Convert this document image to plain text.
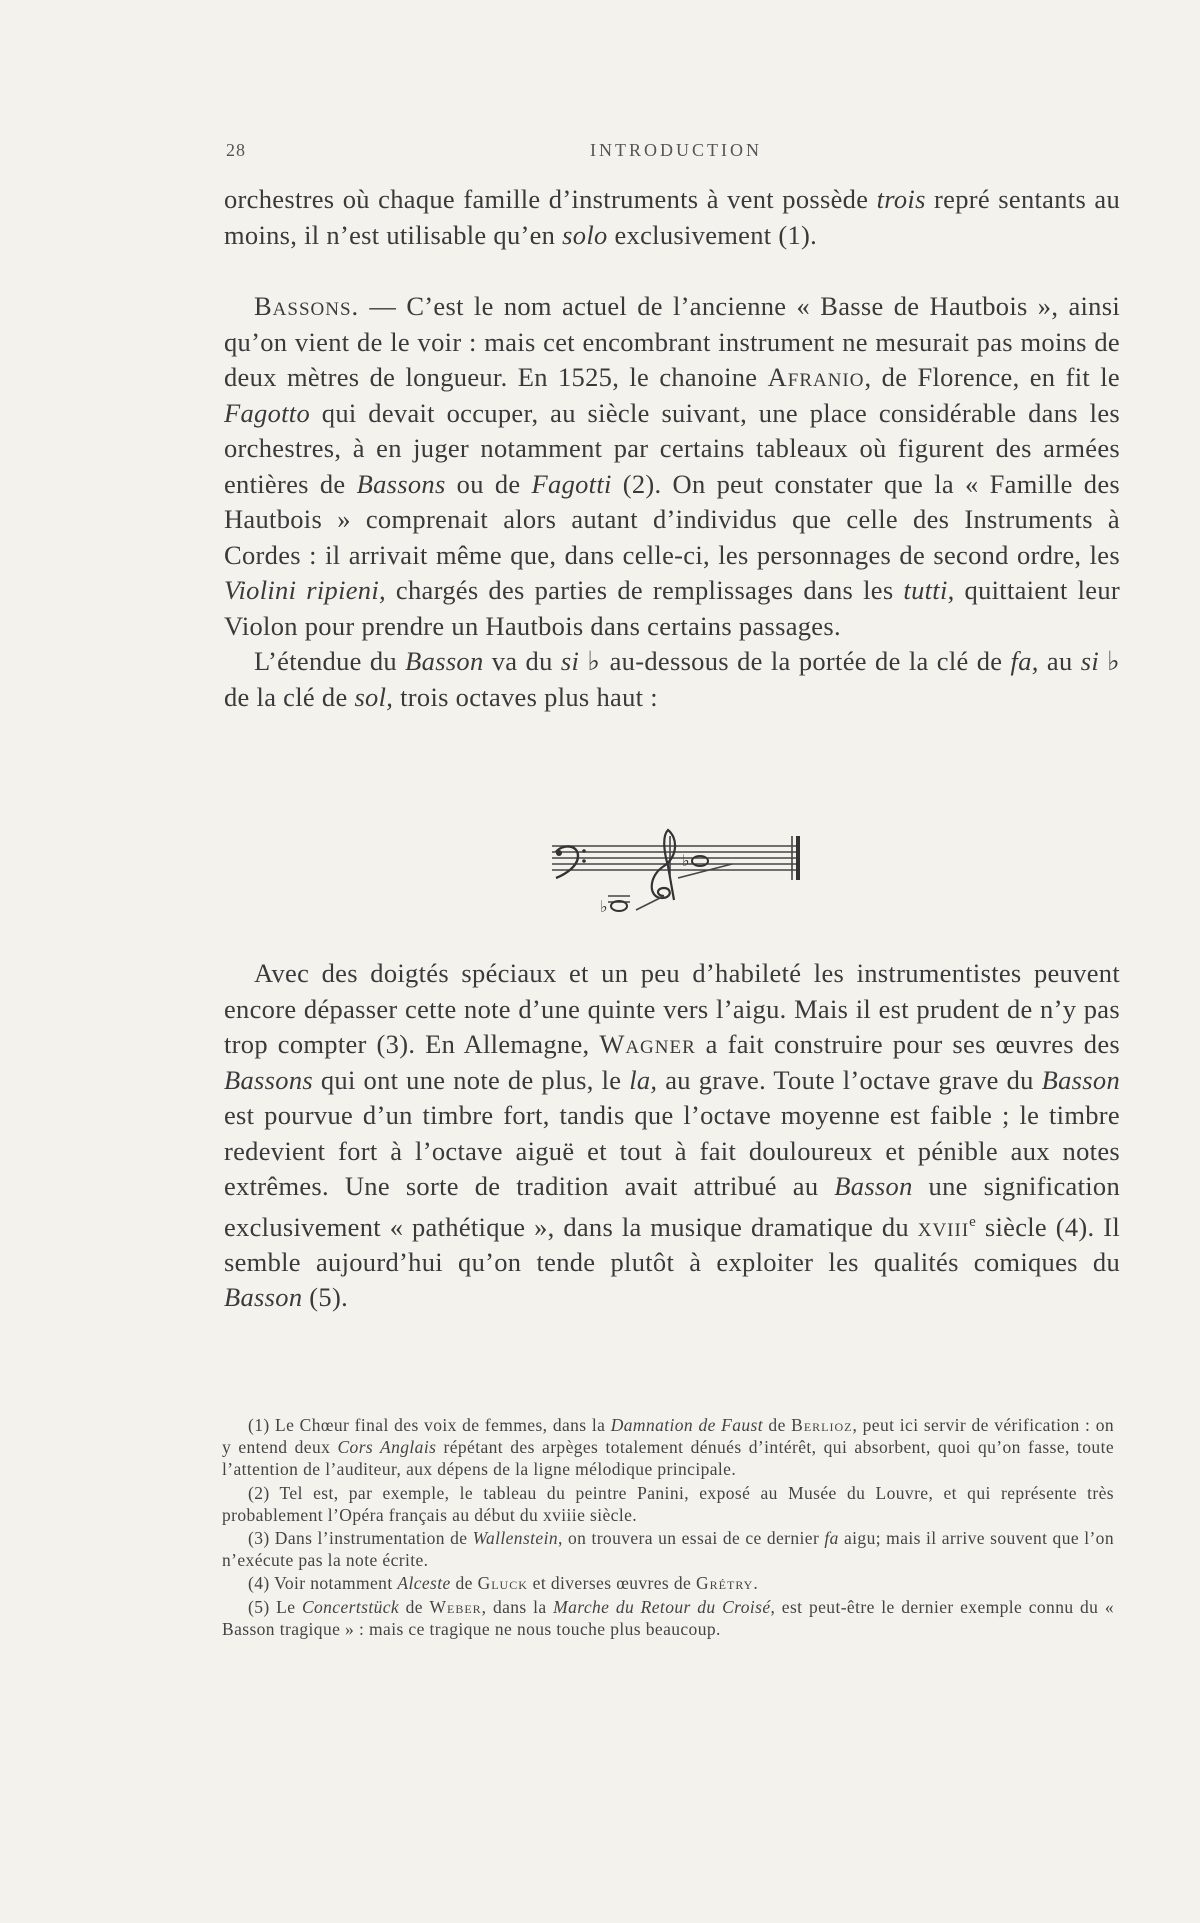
28	INTRODUCTION

orchestres où chaque famille d’instruments à vent possède trois repré sentants au moins, il n’est utilisable qu’en solo exclusivement (1).

Bassons. — C’est le nom actuel de l’ancienne « Basse de Hautbois », ainsi qu’on vient de le voir : mais cet encombrant instrument ne mesurait pas moins de deux mètres de longueur. En 1525, le chanoine Afranio, de Florence, en fit le Fagotto qui devait occuper, au siècle suivant, une place considérable dans les orchestres, à en juger notamment par certains tableaux où figurent des armées entières de Bassons ou de Fagotti (2). On peut constater que la « Famille des Hautbois » comprenait alors autant d’individus que celle des Instruments à Cordes : il arrivait même que, dans celle-ci, les personnages de second ordre, les Violini ripieni, chargés des parties de remplissages dans les tutti, quittaient leur Violon pour prendre un Hautbois dans certains passages.

L’étendue du Basson va du si ♭ au-dessous de la portée de la clé de fa, au si ♭ de la clé de sol, trois octaves plus haut :

♭
♭

Avec des doigtés spéciaux et un peu d’habileté les instrumentistes peuvent encore dépasser cette note d’une quinte vers l’aigu. Mais il est prudent de n’y pas trop compter (3). En Allemagne, Wagner a fait construire pour ses œuvres des Bassons qui ont une note de plus, le la, au grave. Toute l’octave grave du Basson est pourvue d’un timbre fort, tandis que l’octave moyenne est faible ; le timbre redevient fort à l’octave aiguë et tout à fait douloureux et pénible aux notes extrêmes. Une sorte de tradition avait attribué au Basson une signification exclusivement « pathétique », dans la musique dramatique du xviii$^e$ siècle (4). Il semble aujourd’hui qu’on tende plutôt à exploiter les qualités comiques du Basson (5).

(1) Le Chœur final des voix de femmes, dans la Damnation de Faust de Berlioz, peut ici servir de vérification : on y entend deux Cors Anglais répétant des arpèges totalement dénués d’intérêt, qui absorbent, quoi qu’on fasse, toute l’attention de l’auditeur, aux dépens de la ligne mélodique principale.

(2) Tel est, par exemple, le tableau du peintre Panini, exposé au Musée du Louvre, et qui représente très probablement l’Opéra français au début du xviiie siècle.

(3) Dans l’instrumentation de Wallenstein, on trouvera un essai de ce dernier fa aigu; mais il arrive souvent que l’on n’exécute pas la note écrite.

(4) Voir notamment Alceste de Gluck et diverses œuvres de Grétry.

(5) Le Concertstück de Weber, dans la Marche du Retour du Croisé, est peut-être le dernier exemple connu du « Basson tragique » : mais ce tragique ne nous touche plus beaucoup.
